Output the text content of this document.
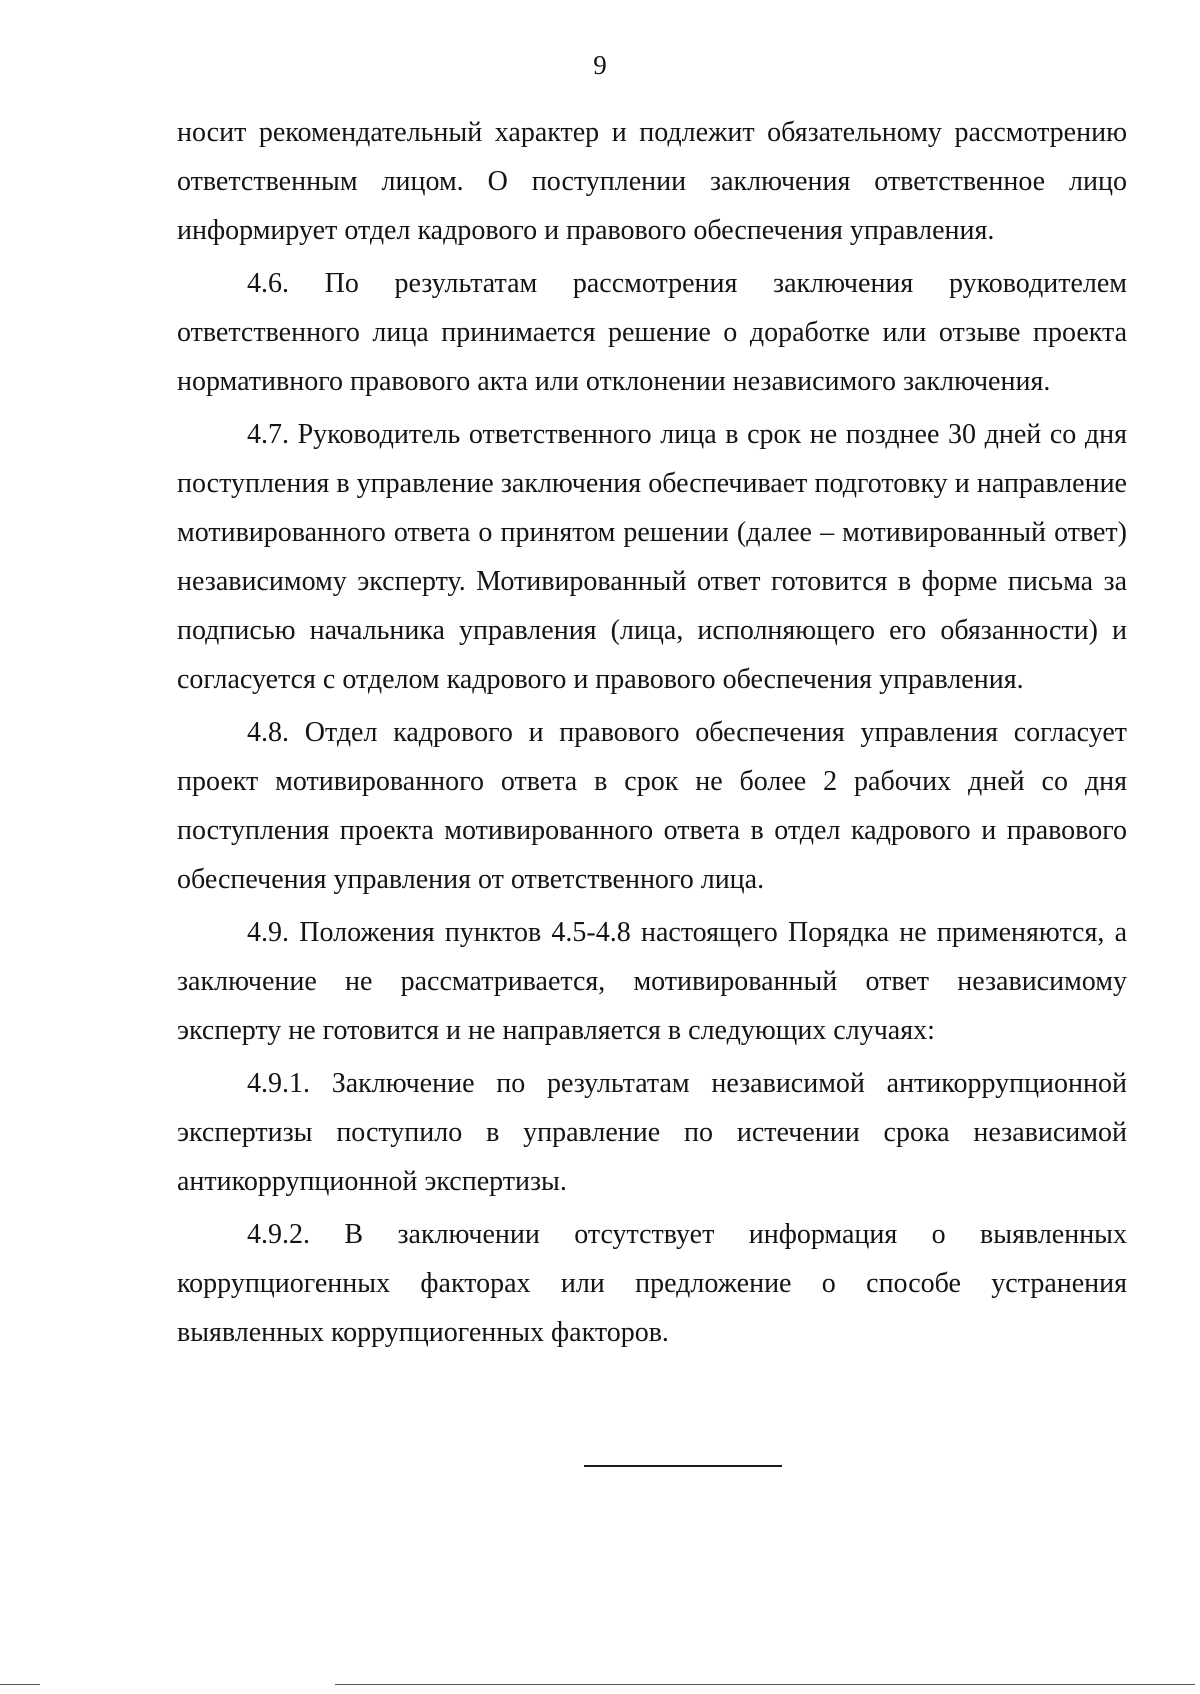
9

носит рекомендательный характер и подлежит обязательному рассмотрению ответственным лицом. О поступлении заключения ответственное лицо информирует отдел кадрового и правового обеспечения управления.

4.6. По результатам рассмотрения заключения руководителем ответственного лица принимается решение о доработке или отзыве проекта нормативного правового акта или отклонении независимого заключения.

4.7. Руководитель ответственного лица в срок не позднее 30 дней со дня поступления в управление заключения обеспечивает подготовку и направление мотивированного ответа о принятом решении (далее – мотивированный ответ) независимому эксперту. Мотивированный ответ готовится в форме письма за подписью начальника управления (лица, исполняющего его обязанности) и согласуется с отделом кадрового и правового обеспечения управления.

4.8. Отдел кадрового и правового обеспечения управления согласует проект мотивированного ответа в срок не более 2 рабочих дней со дня поступления проекта мотивированного ответа в отдел кадрового и правового обеспечения управления от ответственного лица.

4.9. Положения пунктов 4.5-4.8 настоящего Порядка не применяются, а заключение не рассматривается, мотивированный ответ независимому эксперту не готовится и не направляется в следующих случаях:

4.9.1. Заключение по результатам независимой антикоррупционной экспертизы поступило в управление по истечении срока независимой антикоррупционной экспертизы.

4.9.2. В заключении отсутствует информация о выявленных коррупциогенных факторах или предложение о способе устранения выявленных коррупциогенных факторов.
